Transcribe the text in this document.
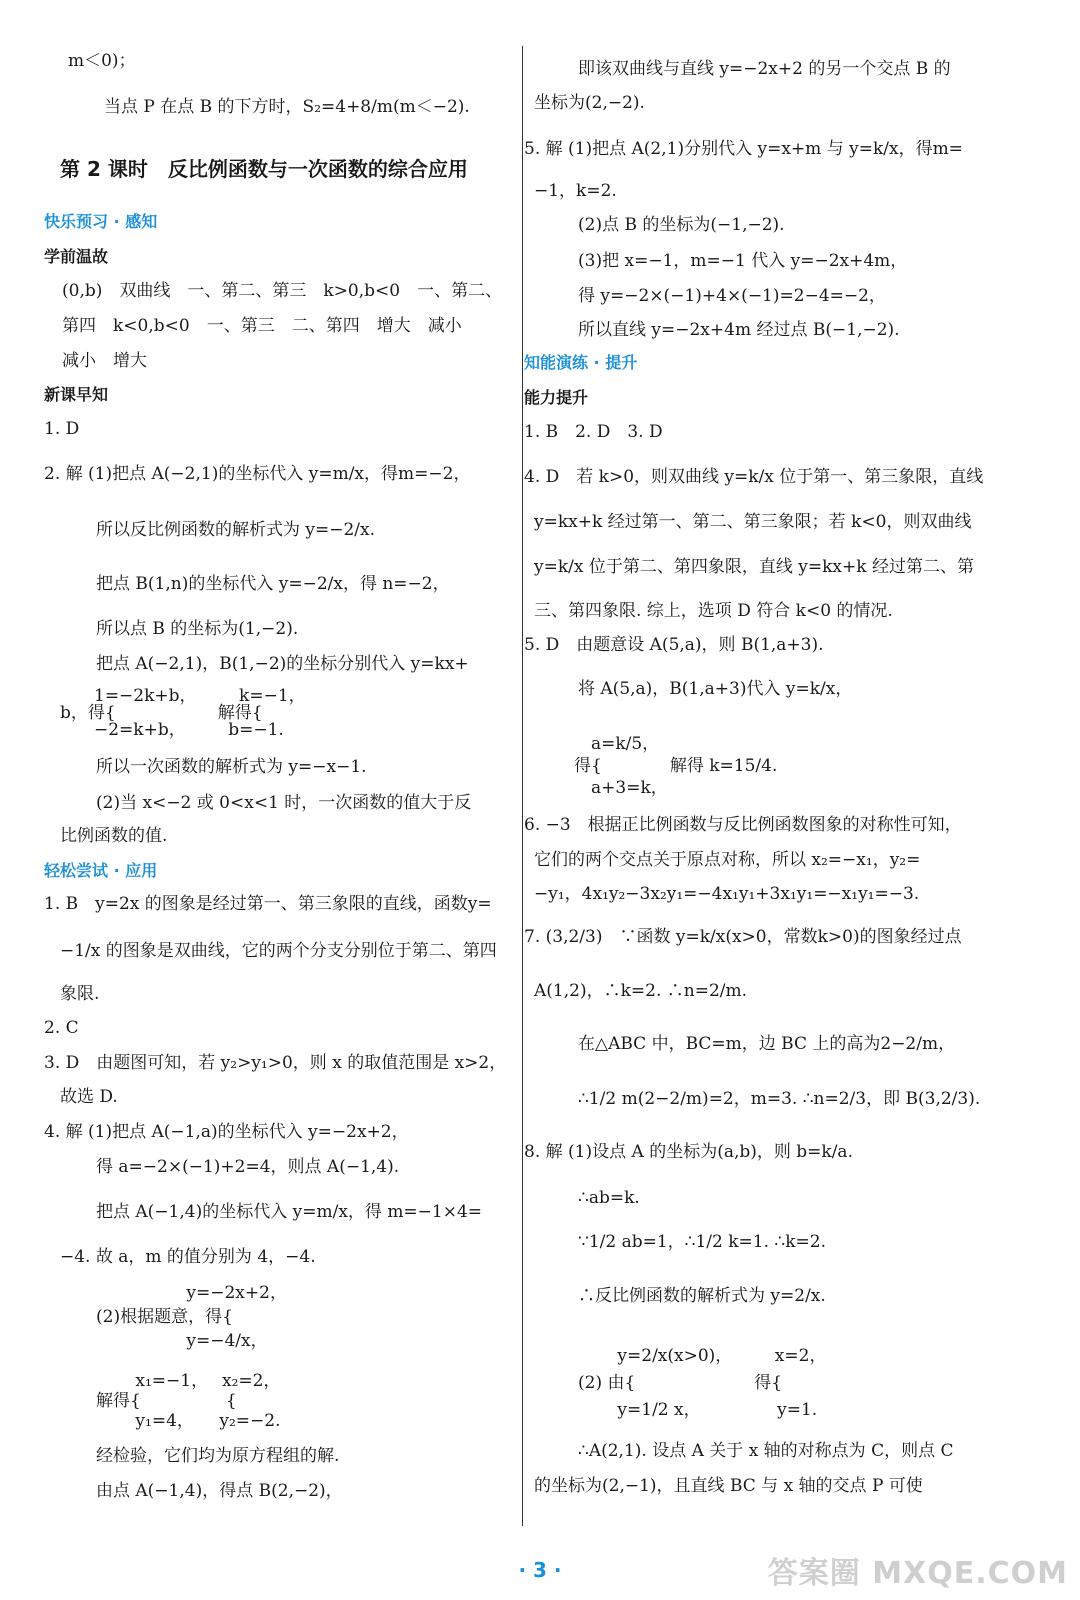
m＜0)；
当点 P 在点 B 的下方时，S₂=4+8/m(m＜−2).
第 2 课时　反比例函数与一次函数的综合应用
快乐预习 · 感知
学前温故
(0,b)　双曲线　一、第二、第三　k>0,b<0　一、第二、
第四　k<0,b<0　一、第三　二、第四　增大　减小
减小　增大
新课早知
1. D
2. 解 (1)把点 A(−2,1)的坐标代入 y=m/x，得m=−2，
所以反比例函数的解析式为 y=−2/x.
把点 B(1,n)的坐标代入 y=−2/x，得 n=−2，
所以点 B 的坐标为(1,−2).
把点 A(−2,1)，B(1,−2)的坐标分别代入 y=kx+
　　1=−2k+b，　　　k=−1，
b，得{　　　　　　解得{
　　−2=k+b，　　　b=−1.
所以一次函数的解析式为 y=−x−1.
(2)当 x<−2 或 0<x<1 时，一次函数的值大于反
比例函数的值.
轻松尝试 · 应用
1. B　y=2x 的图象是经过第一、第三象限的直线，函数y=
−1/x 的图象是双曲线，它的两个分支分别位于第二、第四
象限.
2. C
3. D　由题图可知，若 y₂>y₁>0，则 x 的取值范围是 x>2，
故选 D.
4. 解 (1)把点 A(−1,a)的坐标代入 y=−2x+2，
得 a=−2×(−1)+2=4，则点 A(−1,4).
把点 A(−1,4)的坐标代入 y=m/x，得 m=−1×4=
−4. 故 a，m 的值分别为 4，−4.
　　　　　 y=−2x+2，
(2)根据题意，得{
　　　　　 y=−4/x，
　　 x₁=−1，　 x₂=2，
解得{　　　　　{
　　 y₁=4，　　y₂=−2.
经检验，它们均为原方程组的解.
由点 A(−1,4)，得点 B(2,−2)，
即该双曲线与直线 y=−2x+2 的另一个交点 B 的
坐标为(2,−2).
5. 解 (1)把点 A(2,1)分别代入 y=x+m 与 y=k/x，得m=
−1，k=2.
(2)点 B 的坐标为(−1,−2).
(3)把 x=−1，m=−1 代入 y=−2x+4m，
得 y=−2×(−1)+4×(−1)=2−4=−2，
所以直线 y=−2x+4m 经过点 B(−1,−2).
知能演练 · 提升
能力提升
1. B　2. D　3. D
4. D　若 k>0，则双曲线 y=k/x 位于第一、第三象限，直线
y=kx+k 经过第一、第二、第三象限；若 k<0，则双曲线
y=k/x 位于第二、第四象限，直线 y=kx+k 经过第二、第
三、第四象限. 综上，选项 D 符合 k<0 的情况.
5. D　由题意设 A(5,a)，则 B(1,a+3).
将 A(5,a)，B(1,a+3)代入 y=k/x，
　a=k/5，
得{　　　　解得 k=15/4.
　a+3=k，
6. −3　根据正比例函数与反比例函数图象的对称性可知，
它们的两个交点关于原点对称，所以 x₂=−x₁，y₂=
−y₁，4x₁y₂−3x₂y₁=−4x₁y₁+3x₁y₁=−x₁y₁=−3.
7. (3,2/3)　∵函数 y=k/x(x>0，常数k>0)的图象经过点
A(1,2)，∴k=2. ∴n=2/m.
在△ABC 中，BC=m，边 BC 上的高为2−2/m，
∴1/2 m(2−2/m)=2，m=3. ∴n=2/3，即 B(3,2/3).
8. 解 (1)设点 A 的坐标为(a,b)，则 b=k/a.
∴ab=k.
∵1/2 ab=1，∴1/2 k=1. ∴k=2.
∴反比例函数的解析式为 y=2/x.
　　 y=2/x(x>0)，　　　x=2，
(2) 由{　　　　　　　得{
　　 y=1/2 x，　　　　　y=1.
∴A(2,1). 设点 A 关于 x 轴的对称点为 C，则点 C
的坐标为(2,−1)，且直线 BC 与 x 轴的交点 P 可使
· 3 ·	答案圈 MXQE.COM
